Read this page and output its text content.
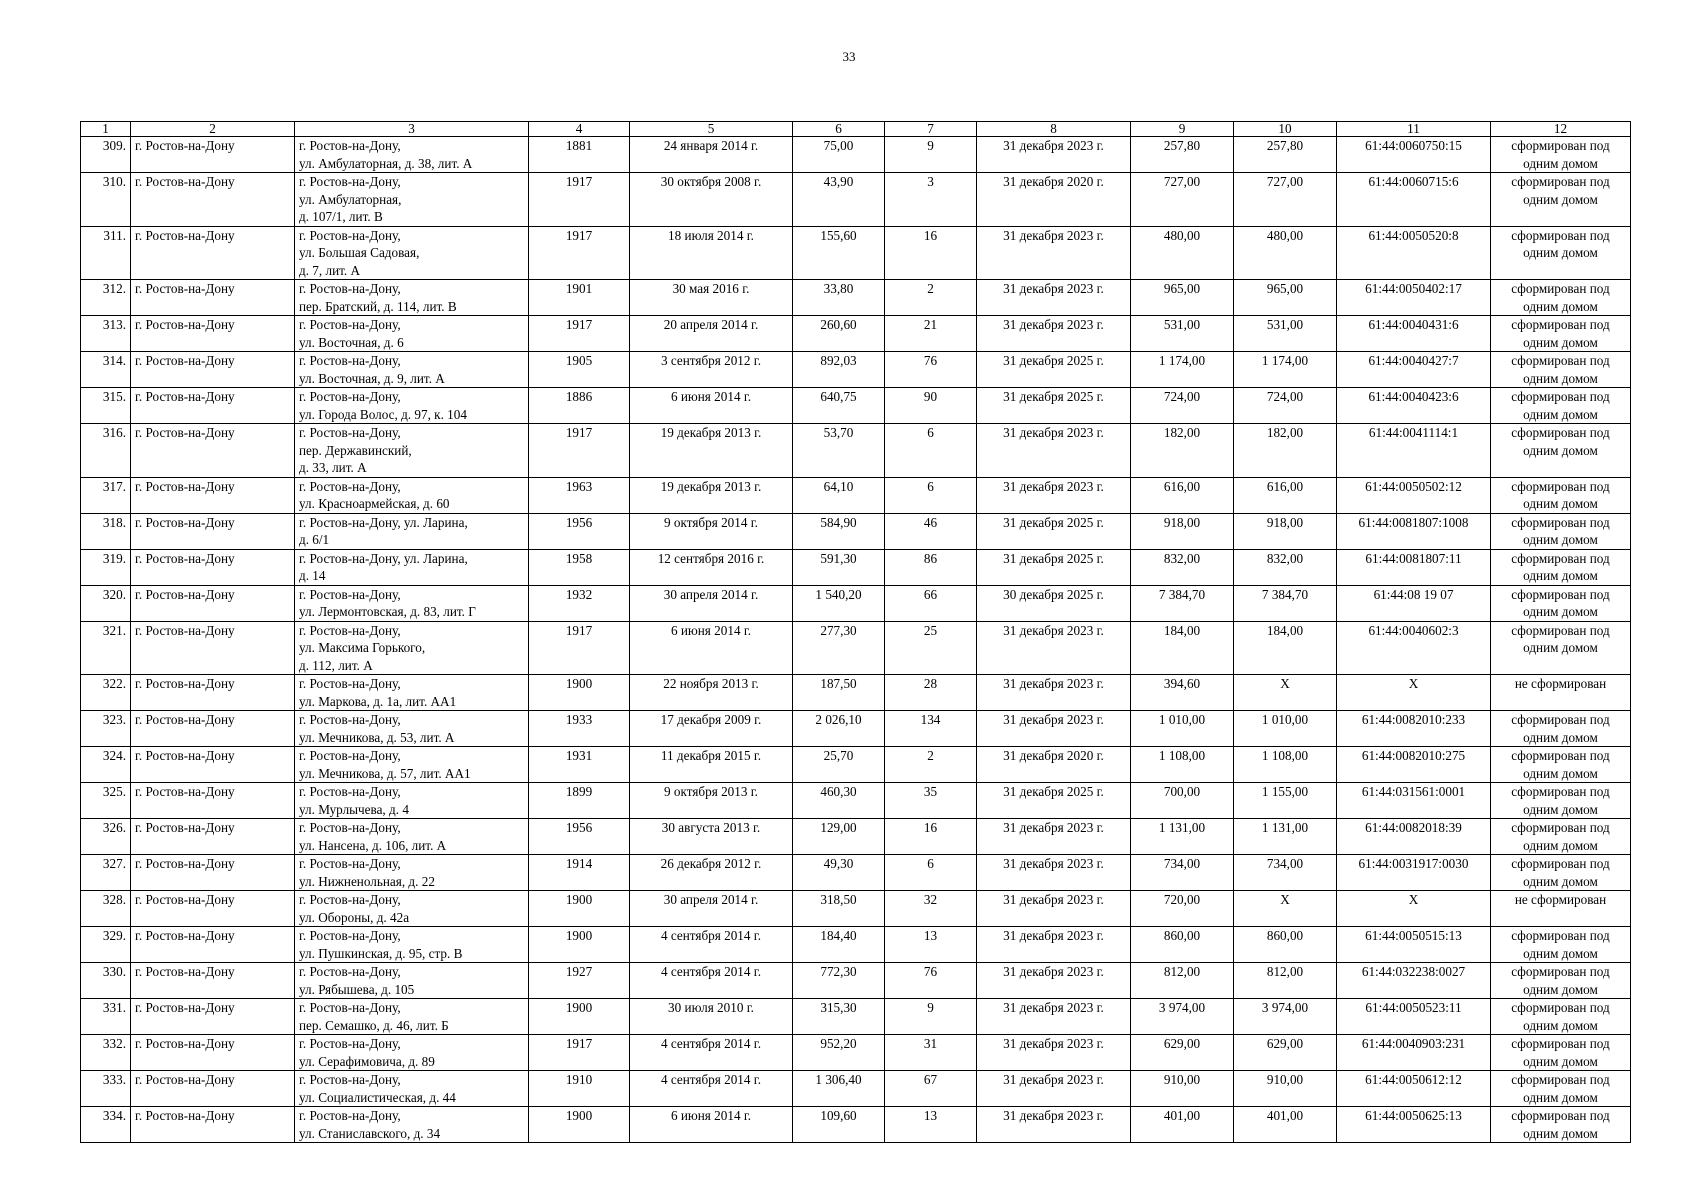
33
1	2	3	4	5	6	7	8	9	10	11	12
309.	г. Ростов-на-Дону	г. Ростов-на-Дону,
ул. Амбулаторная, д. 38, лит. А	1881	24 января 2014 г.	75,00	9	31 декабря 2023 г.	257,80	257,80	61:44:0060750:15	сформирован под
одним домом
310.	г. Ростов-на-Дону	г. Ростов-на-Дону,
ул. Амбулаторная,
д. 107/1, лит. В	1917	30 октября 2008 г.	43,90	3	31 декабря 2020 г.	727,00	727,00	61:44:0060715:6	сформирован под
одним домом
311.	г. Ростов-на-Дону	г. Ростов-на-Дону,
ул. Большая Садовая,
д. 7, лит. А	1917	18 июля 2014 г.	155,60	16	31 декабря 2023 г.	480,00	480,00	61:44:0050520:8	сформирован под
одним домом
312.	г. Ростов-на-Дону	г. Ростов-на-Дону,
пер. Братский, д. 114, лит. В	1901	30 мая 2016 г.	33,80	2	31 декабря 2023 г.	965,00	965,00	61:44:0050402:17	сформирован под
одним домом
313.	г. Ростов-на-Дону	г. Ростов-на-Дону,
ул. Восточная, д. 6	1917	20 апреля 2014 г.	260,60	21	31 декабря 2023 г.	531,00	531,00	61:44:0040431:6	сформирован под
одним домом
314.	г. Ростов-на-Дону	г. Ростов-на-Дону,
ул. Восточная, д. 9, лит. А	1905	3 сентября 2012 г.	892,03	76	31 декабря 2025 г.	1 174,00	1 174,00	61:44:0040427:7	сформирован под
одним домом
315.	г. Ростов-на-Дону	г. Ростов-на-Дону,
ул. Города Волос, д. 97, к. 104	1886	6 июня 2014 г.	640,75	90	31 декабря 2025 г.	724,00	724,00	61:44:0040423:6	сформирован под
одним домом
316.	г. Ростов-на-Дону	г. Ростов-на-Дону,
пер. Державинский,
д. 33, лит. А	1917	19 декабря 2013 г.	53,70	6	31 декабря 2023 г.	182,00	182,00	61:44:0041114:1	сформирован под
одним домом
317.	г. Ростов-на-Дону	г. Ростов-на-Дону,
ул. Красноармейская, д. 60	1963	19 декабря 2013 г.	64,10	6	31 декабря 2023 г.	616,00	616,00	61:44:0050502:12	сформирован под
одним домом
318.	г. Ростов-на-Дону	г. Ростов-на-Дону, ул. Ларина,
д. 6/1	1956	9 октября 2014 г.	584,90	46	31 декабря 2025 г.	918,00	918,00	61:44:0081807:1008	сформирован под
одним домом
319.	г. Ростов-на-Дону	г. Ростов-на-Дону, ул. Ларина,
д. 14	1958	12 сентября 2016 г.	591,30	86	31 декабря 2025 г.	832,00	832,00	61:44:0081807:11	сформирован под
одним домом
320.	г. Ростов-на-Дону	г. Ростов-на-Дону,
ул. Лермонтовская, д. 83, лит. Г	1932	30 апреля 2014 г.	1 540,20	66	30 декабря 2025 г.	7 384,70	7 384,70	61:44:08 19 07	сформирован под
одним домом
321.	г. Ростов-на-Дону	г. Ростов-на-Дону,
ул. Максима Горького,
д. 112, лит. А	1917	6 июня 2014 г.	277,30	25	31 декабря 2023 г.	184,00	184,00	61:44:0040602:3	сформирован под
одним домом
322.	г. Ростов-на-Дону	г. Ростов-на-Дону,
ул. Маркова, д. 1а, лит. АА1	1900	22 ноября 2013 г.	187,50	28	31 декабря 2023 г.	394,60	X	X	не сформирован
323.	г. Ростов-на-Дону	г. Ростов-на-Дону,
ул. Мечникова, д. 53, лит. А	1933	17 декабря 2009 г.	2 026,10	134	31 декабря 2023 г.	1 010,00	1 010,00	61:44:0082010:233	сформирован под
одним домом
324.	г. Ростов-на-Дону	г. Ростов-на-Дону,
ул. Мечникова, д. 57, лит. АА1	1931	11 декабря 2015 г.	25,70	2	31 декабря 2020 г.	1 108,00	1 108,00	61:44:0082010:275	сформирован под
одним домом
325.	г. Ростов-на-Дону	г. Ростов-на-Дону,
ул. Мурлычева, д. 4	1899	9 октября 2013 г.	460,30	35	31 декабря 2025 г.	700,00	1 155,00	61:44:031561:0001	сформирован под
одним домом
326.	г. Ростов-на-Дону	г. Ростов-на-Дону,
ул. Нансена, д. 106, лит. А	1956	30 августа 2013 г.	129,00	16	31 декабря 2023 г.	1 131,00	1 131,00	61:44:0082018:39	сформирован под
одним домом
327.	г. Ростов-на-Дону	г. Ростов-на-Дону,
ул. Нижненольная, д. 22	1914	26 декабря 2012 г.	49,30	6	31 декабря 2023 г.	734,00	734,00	61:44:0031917:0030	сформирован под
одним домом
328.	г. Ростов-на-Дону	г. Ростов-на-Дону,
ул. Обороны, д. 42а	1900	30 апреля 2014 г.	318,50	32	31 декабря 2023 г.	720,00	X	X	не сформирован
329.	г. Ростов-на-Дону	г. Ростов-на-Дону,
ул. Пушкинская, д. 95, стр. В	1900	4 сентября 2014 г.	184,40	13	31 декабря 2023 г.	860,00	860,00	61:44:0050515:13	сформирован под
одним домом
330.	г. Ростов-на-Дону	г. Ростов-на-Дону,
ул. Рябышева, д. 105	1927	4 сентября 2014 г.	772,30	76	31 декабря 2023 г.	812,00	812,00	61:44:032238:0027	сформирован под
одним домом
331.	г. Ростов-на-Дону	г. Ростов-на-Дону,
пер. Семашко, д. 46, лит. Б	1900	30 июля 2010 г.	315,30	9	31 декабря 2023 г.	3 974,00	3 974,00	61:44:0050523:11	сформирован под
одним домом
332.	г. Ростов-на-Дону	г. Ростов-на-Дону,
ул. Серафимовича, д. 89	1917	4 сентября 2014 г.	952,20	31	31 декабря 2023 г.	629,00	629,00	61:44:0040903:231	сформирован под
одним домом
333.	г. Ростов-на-Дону	г. Ростов-на-Дону,
ул. Социалистическая, д. 44	1910	4 сентября 2014 г.	1 306,40	67	31 декабря 2023 г.	910,00	910,00	61:44:0050612:12	сформирован под
одним домом
334.	г. Ростов-на-Дону	г. Ростов-на-Дону,
ул. Станиславского, д. 34	1900	6 июня 2014 г.	109,60	13	31 декабря 2023 г.	401,00	401,00	61:44:0050625:13	сформирован под
одним домом
